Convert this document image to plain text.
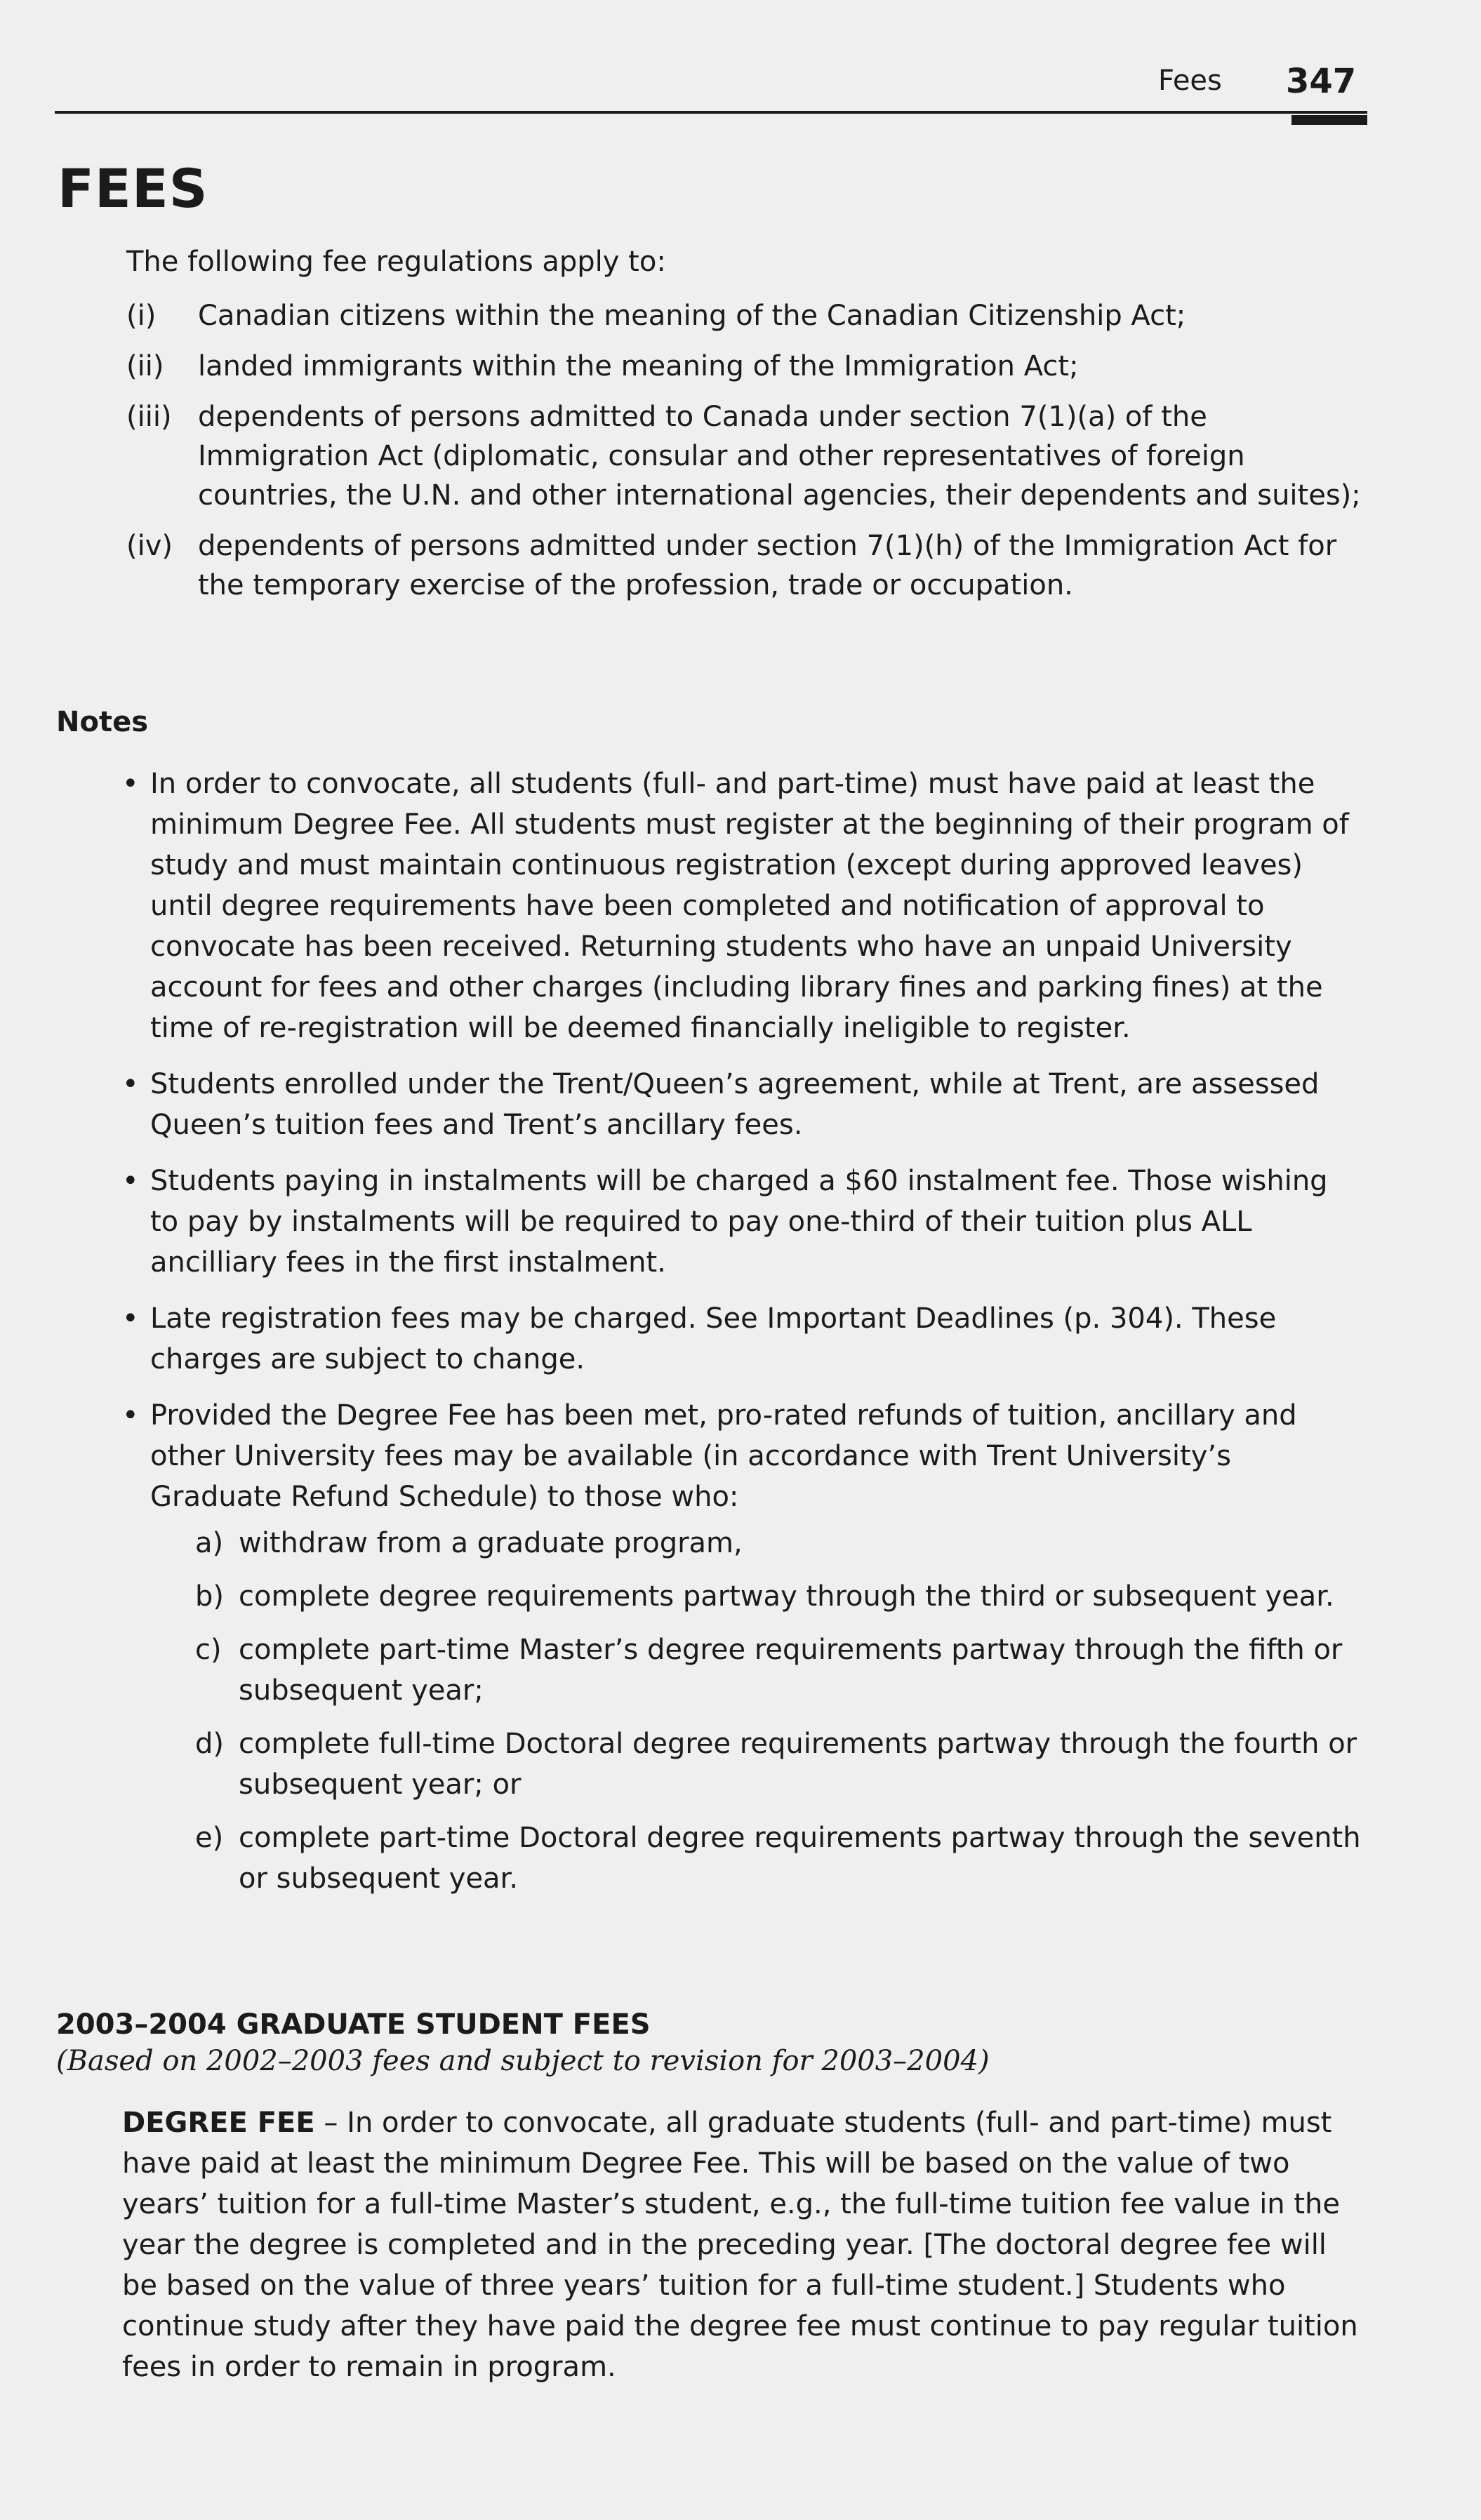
Fees 347
FEES
The following fee regulations apply to:
(i) Canadian citizens within the meaning of the Canadian Citizenship Act;
(ii) landed immigrants within the meaning of the Immigration Act;
(iii) dependents of persons admitted to Canada under section 7(1)(a) of the Immigration Act (diplomatic, consular and other representatives of foreign countries, the U.N. and other international agencies, their dependents and suites);
(iv) dependents of persons admitted under section 7(1)(h) of the Immigration Act for the temporary exercise of the profession, trade or occupation.
Notes
• In order to convocate, all students (full- and part-time) must have paid at least the minimum Degree Fee. All students must register at the beginning of their program of study and must maintain continuous registration (except during approved leaves) until degree requirements have been completed and notification of approval to convocate has been received. Returning students who have an unpaid University account for fees and other charges (including library fines and parking fines) at the time of re-registration will be deemed financially ineligible to register.
• Students enrolled under the Trent/Queen’s agreement, while at Trent, are assessed Queen’s tuition fees and Trent’s ancillary fees.
• Students paying in instalments will be charged a $60 instalment fee. Those wishing to pay by instalments will be required to pay one-third of their tuition plus ALL ancilliary fees in the first instalment.
• Late registration fees may be charged. See Important Deadlines (p. 304). These charges are subject to change.
• Provided the Degree Fee has been met, pro-rated refunds of tuition, ancillary and other University fees may be available (in accordance with Trent University’s Graduate Refund Schedule) to those who:
a) withdraw from a graduate program,
b) complete degree requirements partway through the third or subsequent year.
c) complete part-time Master’s degree requirements partway through the fifth or subsequent year;
d) complete full-time Doctoral degree requirements partway through the fourth or subsequent year; or
e) complete part-time Doctoral degree requirements partway through the seventh or subsequent year.
2003–2004 GRADUATE STUDENT FEES
(Based on 2002–2003 fees and subject to revision for 2003–2004)

DEGREE FEE – In order to convocate, all graduate students (full- and part-time) must have paid at least the minimum Degree Fee. This will be based on the value of two years’ tuition for a full-time Master’s student, e.g., the full-time tuition fee value in the year the degree is completed and in the preceding year. [The doctoral degree fee will be based on the value of three years’ tuition for a full-time student.] Students who continue study after they have paid the degree fee must continue to pay regular tuition fees in order to remain in program.
